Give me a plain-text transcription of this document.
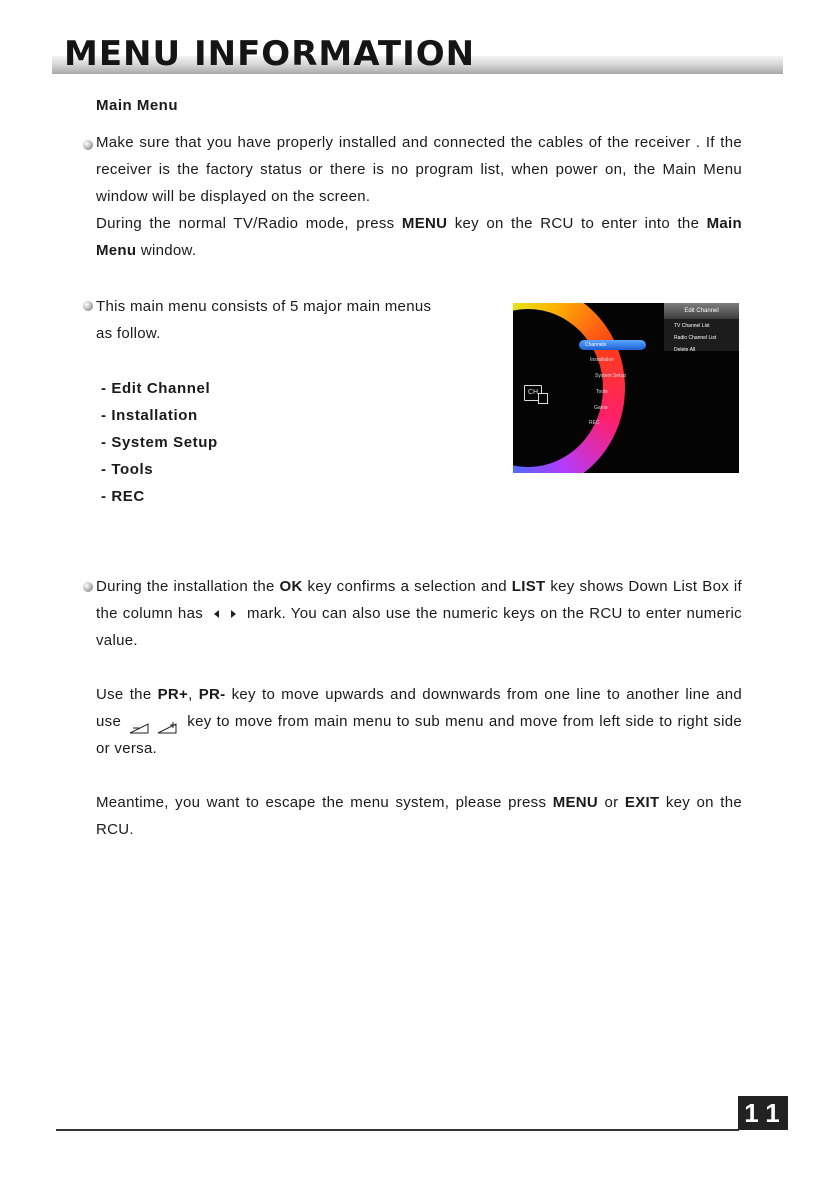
MENU INFORMATION
Main Menu

Make sure that you have properly installed and connected the cables of the receiver . If the receiver is the factory status or there is no program list, when power on, the Main Menu window will be displayed on the screen.
During the normal TV/Radio mode, press MENU key on the RCU to enter into the Main Menu window.

This main menu consists of 5 major main menus
as follow.

- Edit Channel
- Installation
- System Setup
- Tools
- REC
CH
Channels
Installation
System Setup
Tools
Game
REC
Edit Channel
TV Channel List
Radio Channel List
Delete All

During the installation the OK key confirms a selection and LIST key shows Down List Box if the column has  mark. You can also use the numeric keys on the RCU to enter numeric value.

Use the PR+, PR- key to move upwards and downwards from one line to another line and use	key to move from main menu to sub menu and move from left side to right side or versa.

Meantime, you want to escape the menu system, please press MENU or EXIT key on the RCU.

11
